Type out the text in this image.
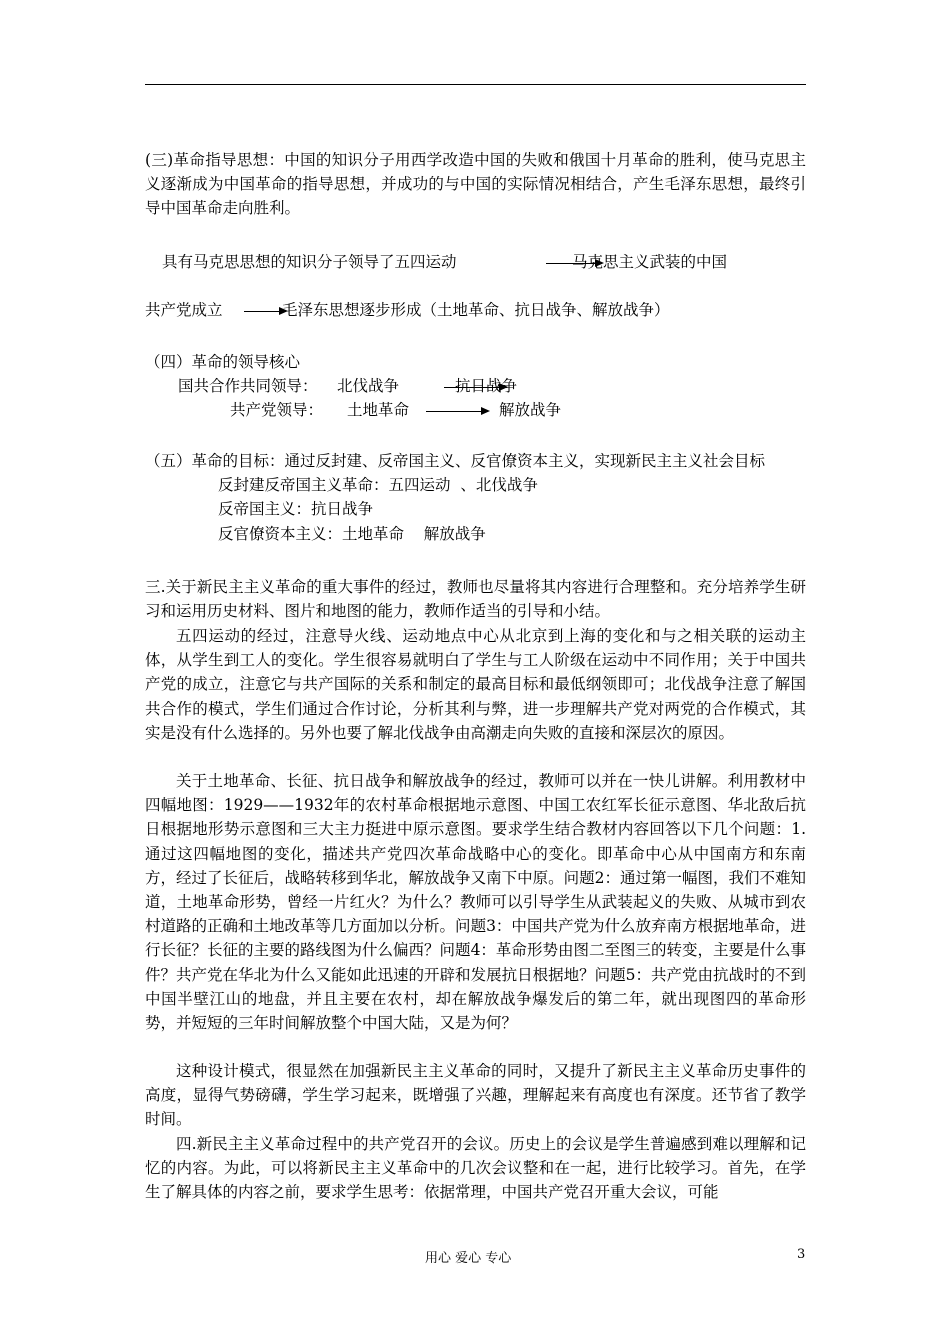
(三)革命指导思想：中国的知识分子用西学改造中国的失败和俄国十月革命的胜利，使马克思主义逐渐成为中国革命的指导思想，并成功的与中国的实际情况相结合，产生毛泽东思想，最终引导中国革命走向胜利。

具有马克思思想的知识分子领导了五四运动	马克思主义武装的中国
共产党成立	毛泽东思想逐步形成（土地革命、抗日战争、解放战争）
（四）革命的领导核心
国共合作共同领导： 北伐战争	抗日战争
共产党领导： 土地革命	解放战争
（五）革命的目标：通过反封建、反帝国主义、反官僚资本主义，实现新民主主义社会目标
反封建反帝国主义革命：五四运动  、北伐战争
反帝国主义：抗日战争
反官僚资本主义：土地革命    解放战争

三.关于新民主主义革命的重大事件的经过，教师也尽量将其内容进行合理整和。充分培养学生研习和运用历史材料、图片和地图的能力，教师作适当的引导和小结。

五四运动的经过，注意导火线、运动地点中心从北京到上海的变化和与之相关联的运动主体，从学生到工人的变化。学生很容易就明白了学生与工人阶级在运动中不同作用；关于中国共产党的成立，注意它与共产国际的关系和制定的最高目标和最低纲领即可；北伐战争注意了解国共合作的模式，学生们通过合作讨论，分析其利与弊，进一步理解共产党对两党的合作模式，其实是没有什么选择的。另外也要了解北伐战争由高潮走向失败的直接和深层次的原因。

关于土地革命、长征、抗日战争和解放战争的经过，教师可以并在一快儿讲解。利用教材中四幅地图：1929——1932年的农村革命根据地示意图、中国工农红军长征示意图、华北敌后抗日根据地形势示意图和三大主力挺进中原示意图。要求学生结合教材内容回答以下几个问题：1.通过这四幅地图的变化，描述共产党四次革命战略中心的变化。即革命中心从中国南方和东南方，经过了长征后，战略转移到华北，解放战争又南下中原。问题2：通过第一幅图，我们不难知道，土地革命形势，曾经一片红火？为什么？教师可以引导学生从武装起义的失败、从城市到农村道路的正确和土地改革等几方面加以分析。问题3：中国共产党为什么放弃南方根据地革命，进行长征？长征的主要的路线图为什么偏西？问题4：革命形势由图二至图三的转变，主要是什么事件？共产党在华北为什么又能如此迅速的开辟和发展抗日根据地？问题5：共产党由抗战时的不到中国半壁江山的地盘，并且主要在农村，却在解放战争爆发后的第二年，就出现图四的革命形势，并短短的三年时间解放整个中国大陆，又是为何？

这种设计模式，很显然在加强新民主主义革命的同时，又提升了新民主主义革命历史事件的高度，显得气势磅礴，学生学习起来，既增强了兴趣，理解起来有高度也有深度。还节省了教学时间。

四.新民主主义革命过程中的共产党召开的会议。历史上的会议是学生普遍感到难以理解和记忆的内容。为此，可以将新民主主义革命中的几次会议整和在一起，进行比较学习。首先，在学生了解具体的内容之前，要求学生思考：依据常理，中国共产党召开重大会议，可能

用心 爱心 专心	3
